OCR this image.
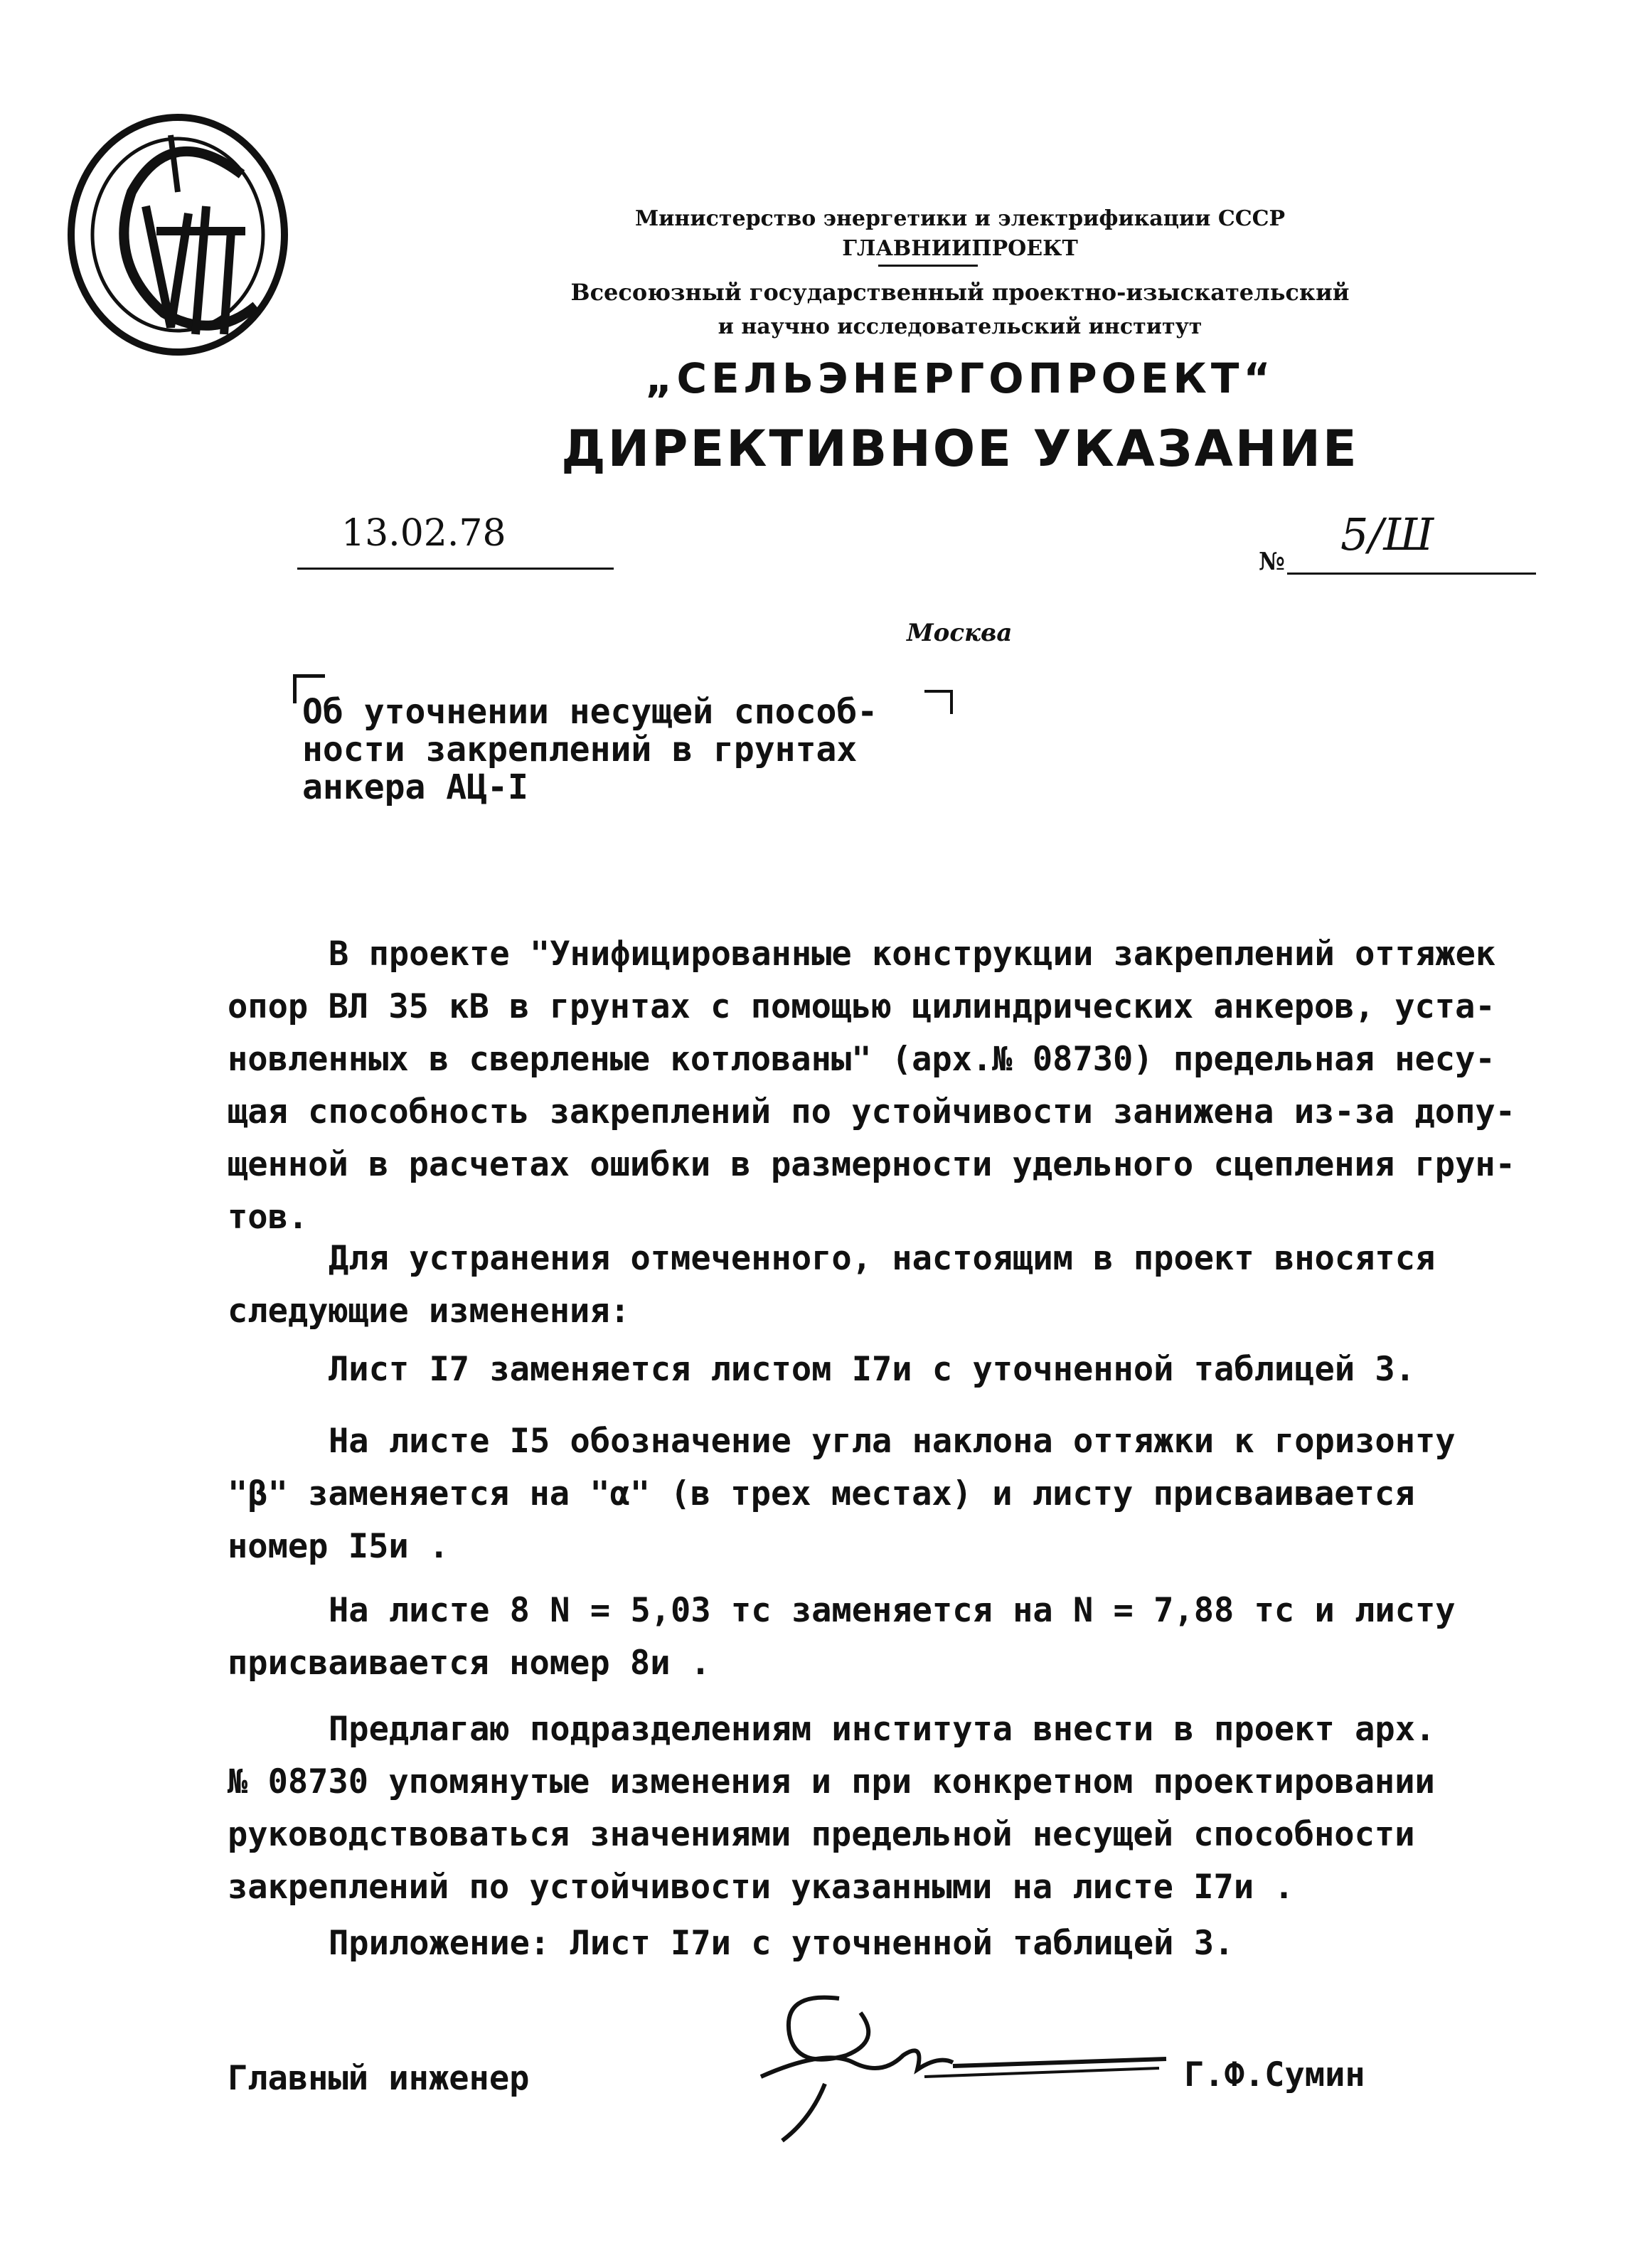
Министерство энергетики и электрификации СССР
ГЛАВНИИПРОЕКТ
Всесоюзный государственный проектно-изыскательский
и научно исследовательский институт
„СЕЛЬЭНЕРГОПРОЕКТ“
ДИРЕКТИВНОЕ УКАЗАНИЕ
13.02.78
№
5/Ш
Москва
Об уточнении несущей способ-
ности закреплений в грунтах
анкера АЦ-I
В проекте "Унифицированные конструкции закреплений оттяжек
опор ВЛ 35 кВ в грунтах с помощью цилиндрических анкеров, уста-
новленных в сверленые котлованы" (арх.№ 08730) предельная несу-
щая способность закреплений по устойчивости занижена из-за допу-
щенной в расчетах ошибки в размерности удельного сцепления грун-
тов.
Для устранения отмеченного, настоящим в проект вносятся
следующие изменения:
Лист I7 заменяется листом I7и с уточненной таблицей 3.
На листе I5 обозначение угла наклона оттяжки к горизонту
"β" заменяется на "α" (в трех местах) и листу присваивается
номер I5и .
На листе 8 N = 5,03 тс заменяется на N = 7,88 тс и листу
присваивается номер 8и .
Предлагаю подразделениям института внести в проект арх.
№ 08730 упомянутые изменения и при конкретном проектировании
руководствоваться значениями предельной несущей способности
закреплений по устойчивости указанными на листе I7и .
Приложение: Лист I7и с уточненной таблицей 3.
Главный инженер	Г.Ф.Сумин
